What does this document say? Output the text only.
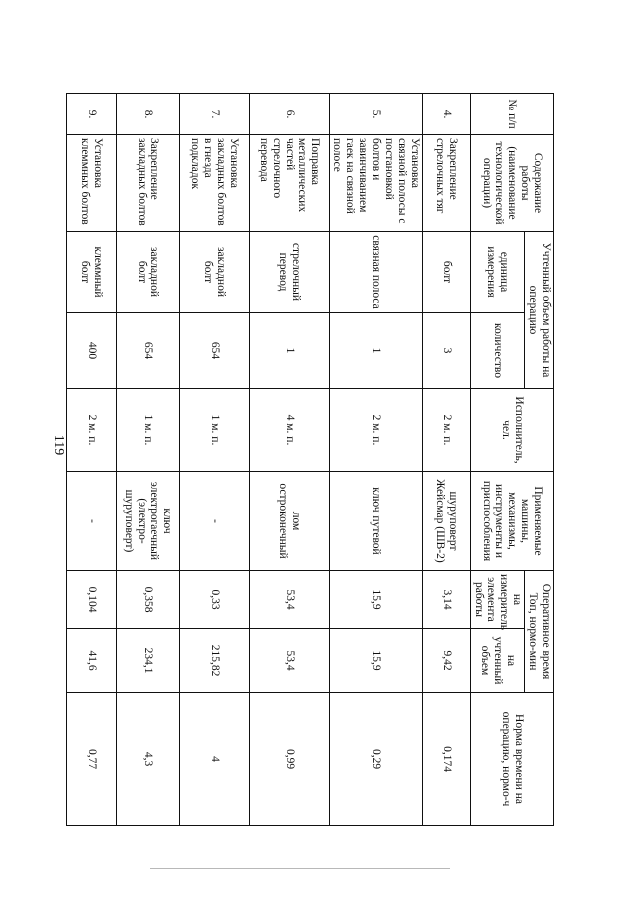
119
№ п/п	Содержание работы (наименование технологической операции)	Учтенный объем работы на операцию		Исполнитель, чел.	Применяемые машины, механизмы, инструменты и приспособления	Оперативное время Топ, нормо-мин		Норма времени на операцию, нормо-ч
		единица измерения	количество			на измеритель элемента работы	на учтенный объем	
4.	Закрепление стрелочных тяг	болт	3	2 м. п.	шуруповерт Жейсмар (ШВ-2)	3,14	9,42	0,174
5.	Установка связной полосы с постановкой болтов и завинчиванием гаек на связной полосе	связная полоса	1	2 м. п.	ключ путевой	15,9	15,9	0,29
6.	Поправка металлических частей стрелочного перевода	стрелочный перевод	1	4 м. п.	лом остроконечный	53,4	53,4	0,99
7.	Установка закладных болтов в гнезда подкладок	закладной болт	654	1 м. п.	-	0,33	215,82	4
8.	Закрепление закладных болтов	закладной болт	654	1 м. п.	ключ электрогаечный (электро-шуруповерт)	0,358	234,1	4,3
9.	Установка клеммных болтов	клеммный болт	400	2 м. п.	-	0,104	41,6	0,77
